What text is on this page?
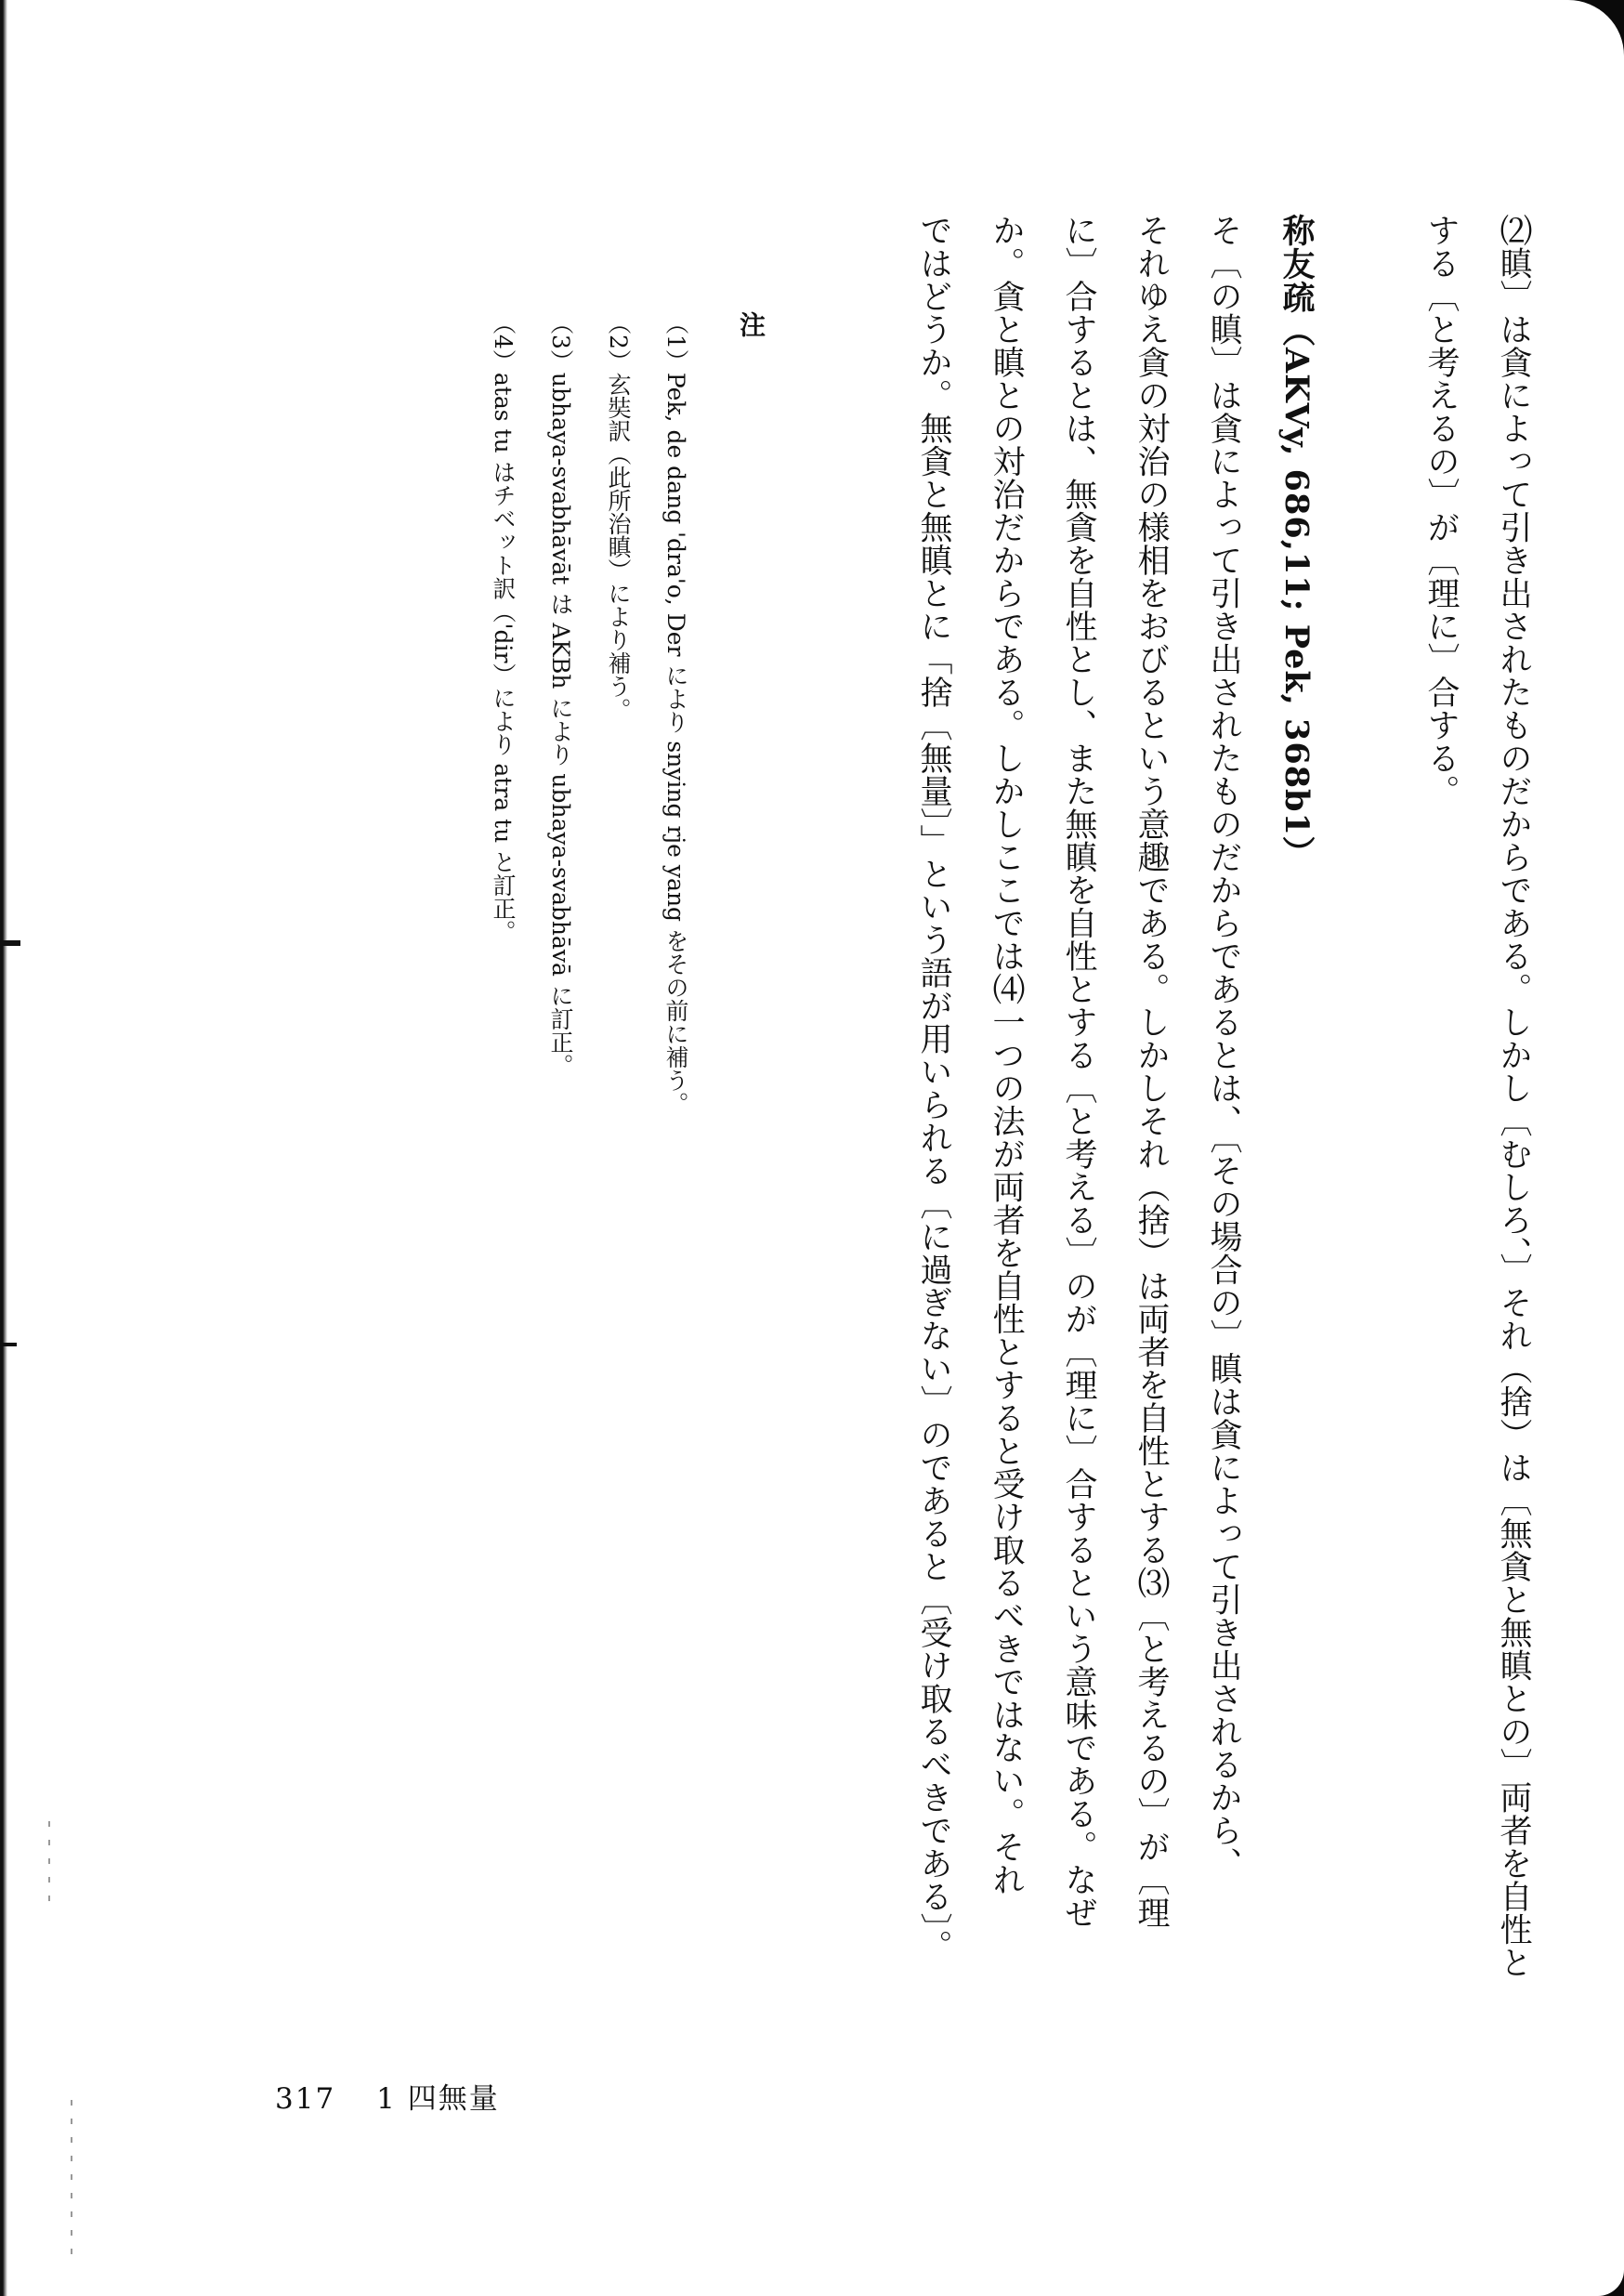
⑵瞋〕は貪によって引き出されたものだからである。しかし〔むしろ、〕それ（捨）は〔無貪と無瞋との〕両者を自性と
する〔と考えるの〕が〔理に〕合する。
称友疏（AKVy, 686,11; Pek, 368b1）
そ〔の瞋〕は貪によって引き出されたものだからであるとは、〔その場合の〕瞋は貪によって引き出されるから、
それゆえ貪の対治の様相をおびるという意趣である。しかしそれ（捨）は両者を自性とする⑶〔と考えるの〕が〔理
に〕合するとは、無貪を自性とし、また無瞋を自性とする〔と考える〕のが〔理に〕合するという意味である。なぜ
か。貪と瞋との対治だからである。しかしここでは⑷一つの法が両者を自性とすると受け取るべきではない。それ
ではどうか。無貪と無瞋とに「捨〔無量〕」という語が用いられる〔に過ぎない〕のであると〔受け取るべきである〕。
注
（1）Pek, de dang 'dra'o, Der により snying rje yang をその前に補う。
（2）玄奘訳（此所治瞋）により補う。
（3）ubhaya-svabhāvāt は AKBh により ubhaya-svabhāvā に訂正。
（4）atas tu はチベット訳（'dir）により atra tu と訂正。
317 1 四無量
